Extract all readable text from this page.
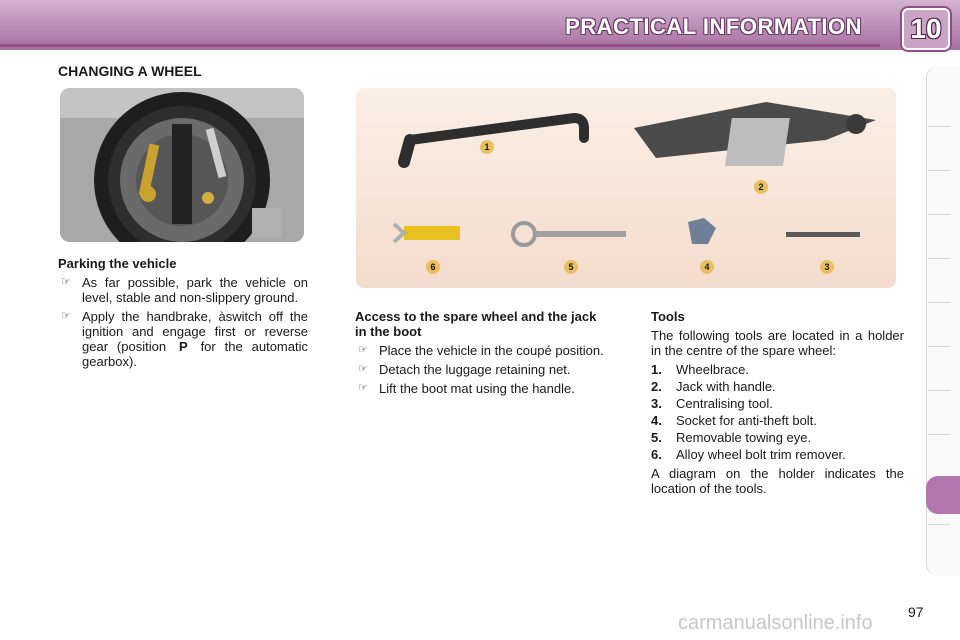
PRACTICAL INFORMATION	10
CHANGING A WHEEL
1
2
3
4
5
6
Parking the vehicle
☞ As far possible, park the vehicle on level, stable and non-slippery ground.
☞ Apply the handbrake, àswitch off the ignition and engage first or reverse gear (position P for the automatic gearbox).
Access to the spare wheel and the jack in the boot
☞ Place the vehicle in the coupé position.
☞ Detach the luggage retaining net.
☞ Lift the boot mat using the handle.
Tools
The following tools are located in a holder in the centre of the spare wheel:
1.	Wheelbrace.
2.	Jack with handle.
3.	Centralising tool.
4.	Socket for anti-theft bolt.
5.	Removable towing eye.
6.	Alloy wheel bolt trim remover.
A diagram on the holder indicates the location of the tools.
97
carmanualsonline.info
